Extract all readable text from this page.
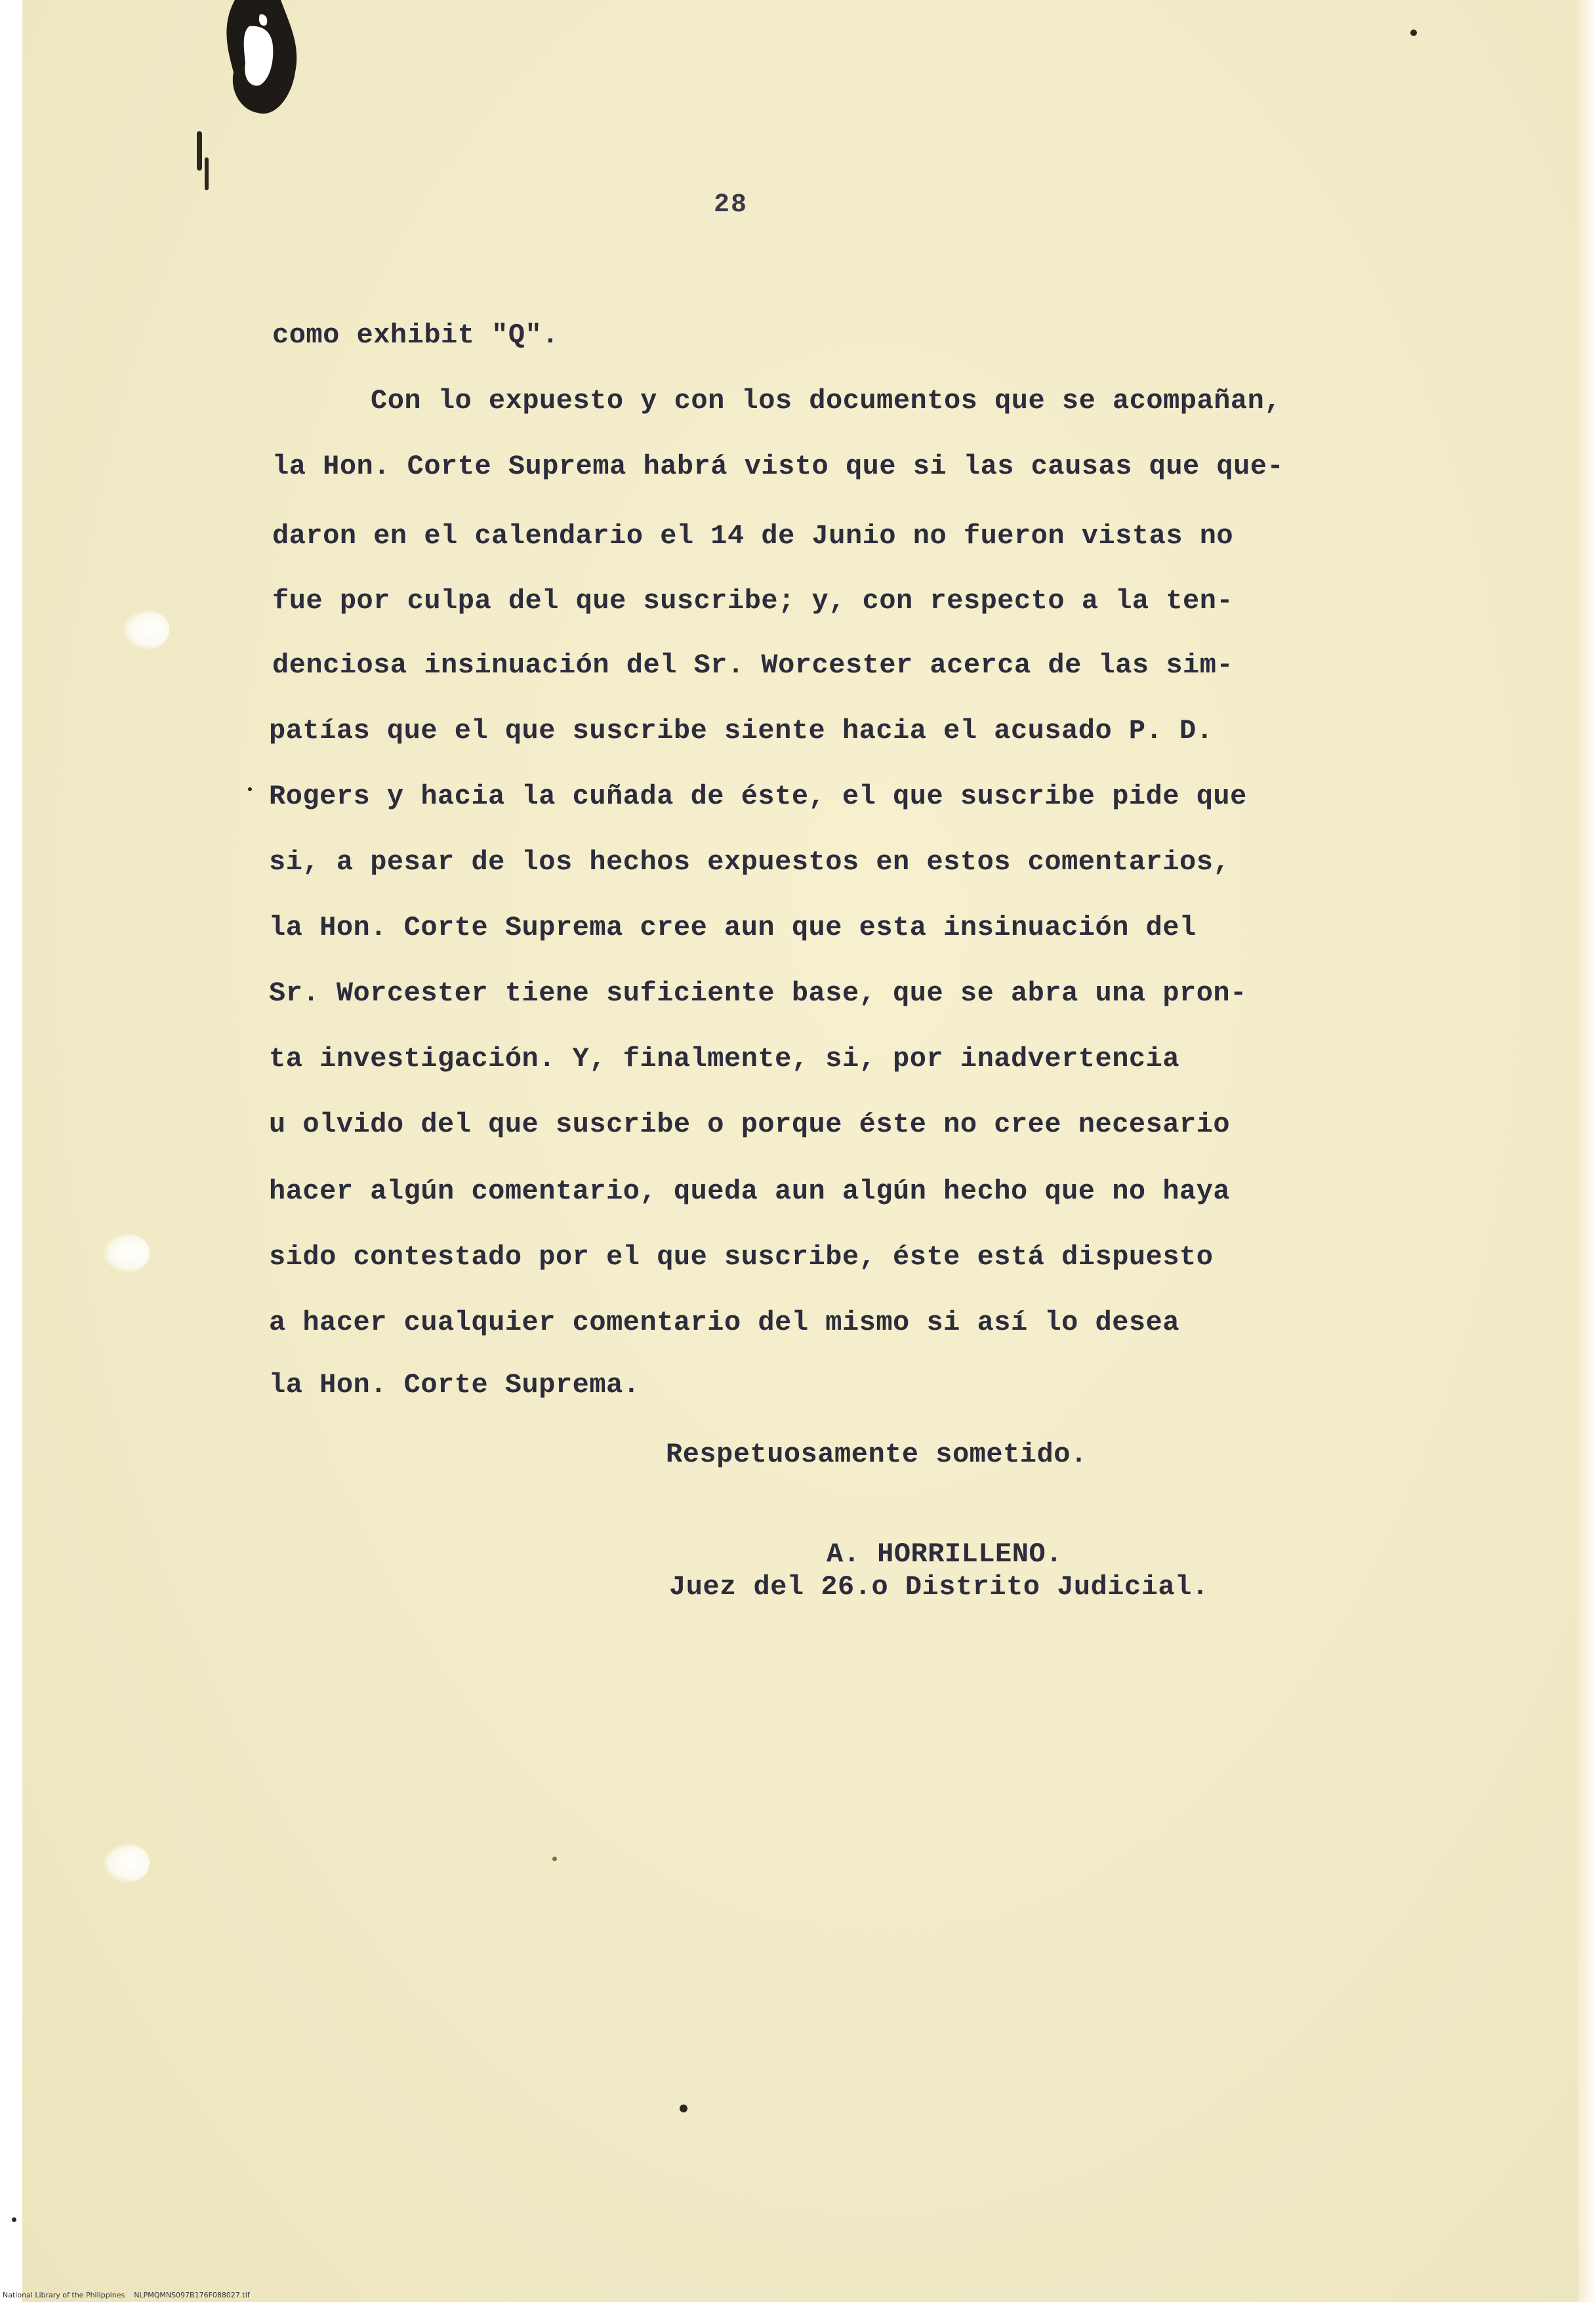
28
como exhibit "Q".
Con lo expuesto y con los documentos que se acompañan,
la Hon. Corte Suprema habrá visto que si las causas que que-
daron en el calendario el 14 de Junio no fueron vistas no
fue por culpa del que suscribe; y, con respecto a la ten-
denciosa insinuación del Sr. Worcester acerca de las sim-
patías que el que suscribe siente hacia el acusado P. D.
Rogers y hacia la cuñada de éste, el que suscribe pide que
si, a pesar de los hechos expuestos en estos comentarios,
la Hon. Corte Suprema cree aun que esta insinuación del
Sr. Worcester tiene suficiente base, que se abra una pron-
ta investigación. Y, finalmente, si, por inadvertencia
u olvido del que suscribe o porque éste no cree necesario
hacer algún comentario, queda aun algún hecho que no haya
sido contestado por el que suscribe, éste está dispuesto
a hacer cualquier comentario del mismo si así lo desea
la Hon. Corte Suprema.
Respetuosamente sometido.
A. HORRILLENO.
Juez del 26.o Distrito Judicial.
National Library of the Philippines NLPMQMNS097B176F088027.tif
